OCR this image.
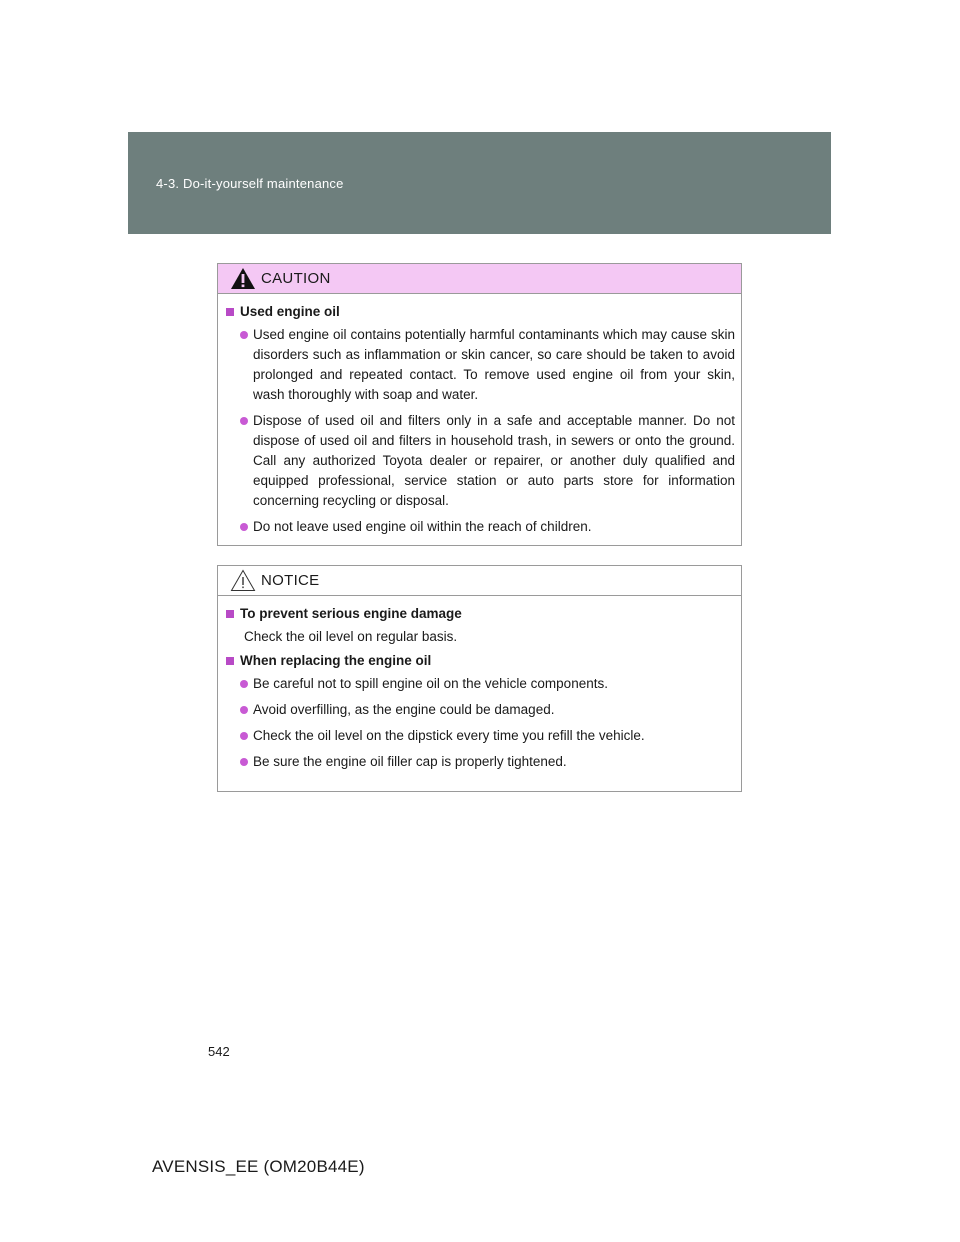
4-3. Do-it-yourself maintenance
CAUTION
Used engine oil
Used engine oil contains potentially harmful contaminants which may cause skin disorders such as inflammation or skin cancer, so care should be taken to avoid prolonged and repeated contact. To remove used engine oil from your skin, wash thoroughly with soap and water.
Dispose of used oil and filters only in a safe and acceptable manner. Do not dispose of used oil and filters in household trash, in sewers or onto the ground. Call any authorized Toyota dealer or repairer, or another duly qualified and equipped professional, service station or auto parts store for information concerning recycling or disposal.
Do not leave used engine oil within the reach of children.
NOTICE
To prevent serious engine damage
Check the oil level on regular basis.
When replacing the engine oil
Be careful not to spill engine oil on the vehicle components.
Avoid overfilling, as the engine could be damaged.
Check the oil level on the dipstick every time you refill the vehicle.
Be sure the engine oil filler cap is properly tightened.
542
AVENSIS_EE (OM20B44E)
